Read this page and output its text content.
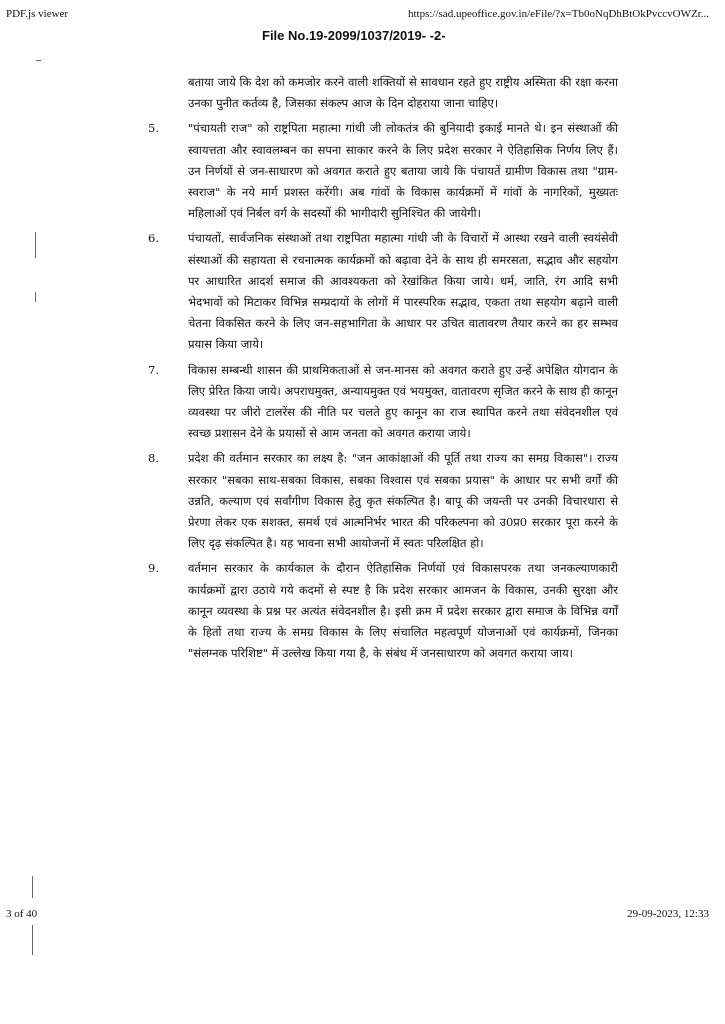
PDF.js viewer	https://sad.upeoffice.gov.in/eFile/?x=Tb0oNqDhBtOkPvccvOWZr...
File No.19-2099/1037/2019- -2-
बताया जाये कि देश को कमजोर करने वाली शक्तियों से सावधान रहते हुए राष्ट्रीय अस्मिता की रक्षा करना उनका पुनीत कर्तव्य है, जिसका संकल्प आज के दिन दोहराया जाना चाहिए।
5.	"पंचायती राज" को राष्ट्रपिता महात्मा गांधी जी लोकतंत्र की बुनियादी इकाई मानते थे। इन संस्थाओं की स्वायत्तता और स्वावलम्बन का सपना साकार करने के लिए प्रदेश सरकार ने ऐतिहासिक निर्णय लिए हैं। उन निर्णयों से जन-साधारण को अवगत कराते हुए बताया जाये कि पंचायतें ग्रामीण विकास तथा "ग्राम-स्वराज" के नये मार्ग प्रशस्त करेंगी। अब गांवों के विकास कार्यक्रमों में गांवों के नागरिकों, मुख्यतः महिलाओं एवं निर्बल वर्ग के सदस्यों की भागीदारी सुनिश्चित की जायेगी।
6.	पंचायतों, सार्वजनिक संस्थाओं तथा राष्ट्रपिता महात्मा गांधी जी के विचारों में आस्था रखने वाली स्वयंसेवी संस्थाओं की सहायता से रचनात्मक कार्यक्रमों को बढ़ावा देने के साथ ही समरसता, सद्भाव और सहयोग पर आधारित आदर्श समाज की आवश्यकता को रेखांकित किया जाये। धर्म, जाति, रंग आदि सभी भेदभावों को मिटाकर विभिन्न सम्प्रदायों के लोगों में पारस्परिक सद्भाव, एकता तथा सहयोग बढ़ाने वाली चेतना विकसित करने के लिए जन-सहभागिता के आधार पर उचित वातावरण तैयार करने का हर सम्भव प्रयास किया जाये।
7.	विकास सम्बन्धी शासन की प्राथमिकताओं से जन-मानस को अवगत कराते हुए उन्हें अपेक्षित योगदान के लिए प्रेरित किया जाये। अपराधमुक्त, अन्यायमुक्त एवं भयमुक्त, वातावरण सृजित करने के साथ ही कानून व्यवस्था पर जीरो टालरेंस की नीति पर चलते हुए कानून का राज स्थापित करने तथा संवेदनशील एवं स्वच्छ प्रशासन देने के प्रयासों से आम जनता को अवगत कराया जाये।
8.	प्रदेश की वर्तमान सरकार का लक्ष्य है: "जन आकांक्षाओं की पूर्ति तथा राज्य का समग्र विकास"। राज्य सरकार "सबका साथ-सबका विकास, सबका विश्वास एवं सबका प्रयास" के आधार पर सभी वर्गों की उन्नति, कल्याण एवं सर्वांगीण विकास हेतु कृत संकल्पित है। बापू की जयन्ती पर उनकी विचारधारा से प्रेरणा लेकर एक सशक्त, समर्थ एवं आत्मनिर्भर भारत की परिकल्पना को उ0प्र0 सरकार पूरा करने के लिए दृढ़ संकल्पित है। यह भावना सभी आयोजनों में स्वतः परिलक्षित हो।
9.	वर्तमान सरकार के कार्यकाल के दौरान ऐतिहासिक निर्णयों एवं विकासपरक तथा जनकल्याणकारी कार्यक्रमों द्वारा उठाये गये कदमों से स्पष्ट है कि प्रदेश सरकार आमजन के विकास, उनकी सुरक्षा और कानून व्यवस्था के प्रश्न पर अत्यंत संवेदनशील है। इसी क्रम में प्रदेश सरकार द्वारा समाज के विभिन्न वर्गों के हितों तथा राज्य के समग्र विकास के लिए संचालित महत्वपूर्ण योजनाओं एवं कार्यक्रमों, जिनका "संलग्नक परिशिष्ट" में उल्लेख किया गया है, के संबंध में जनसाधारण को अवगत कराया जाय।
3 of 40	29-09-2023, 12:33
